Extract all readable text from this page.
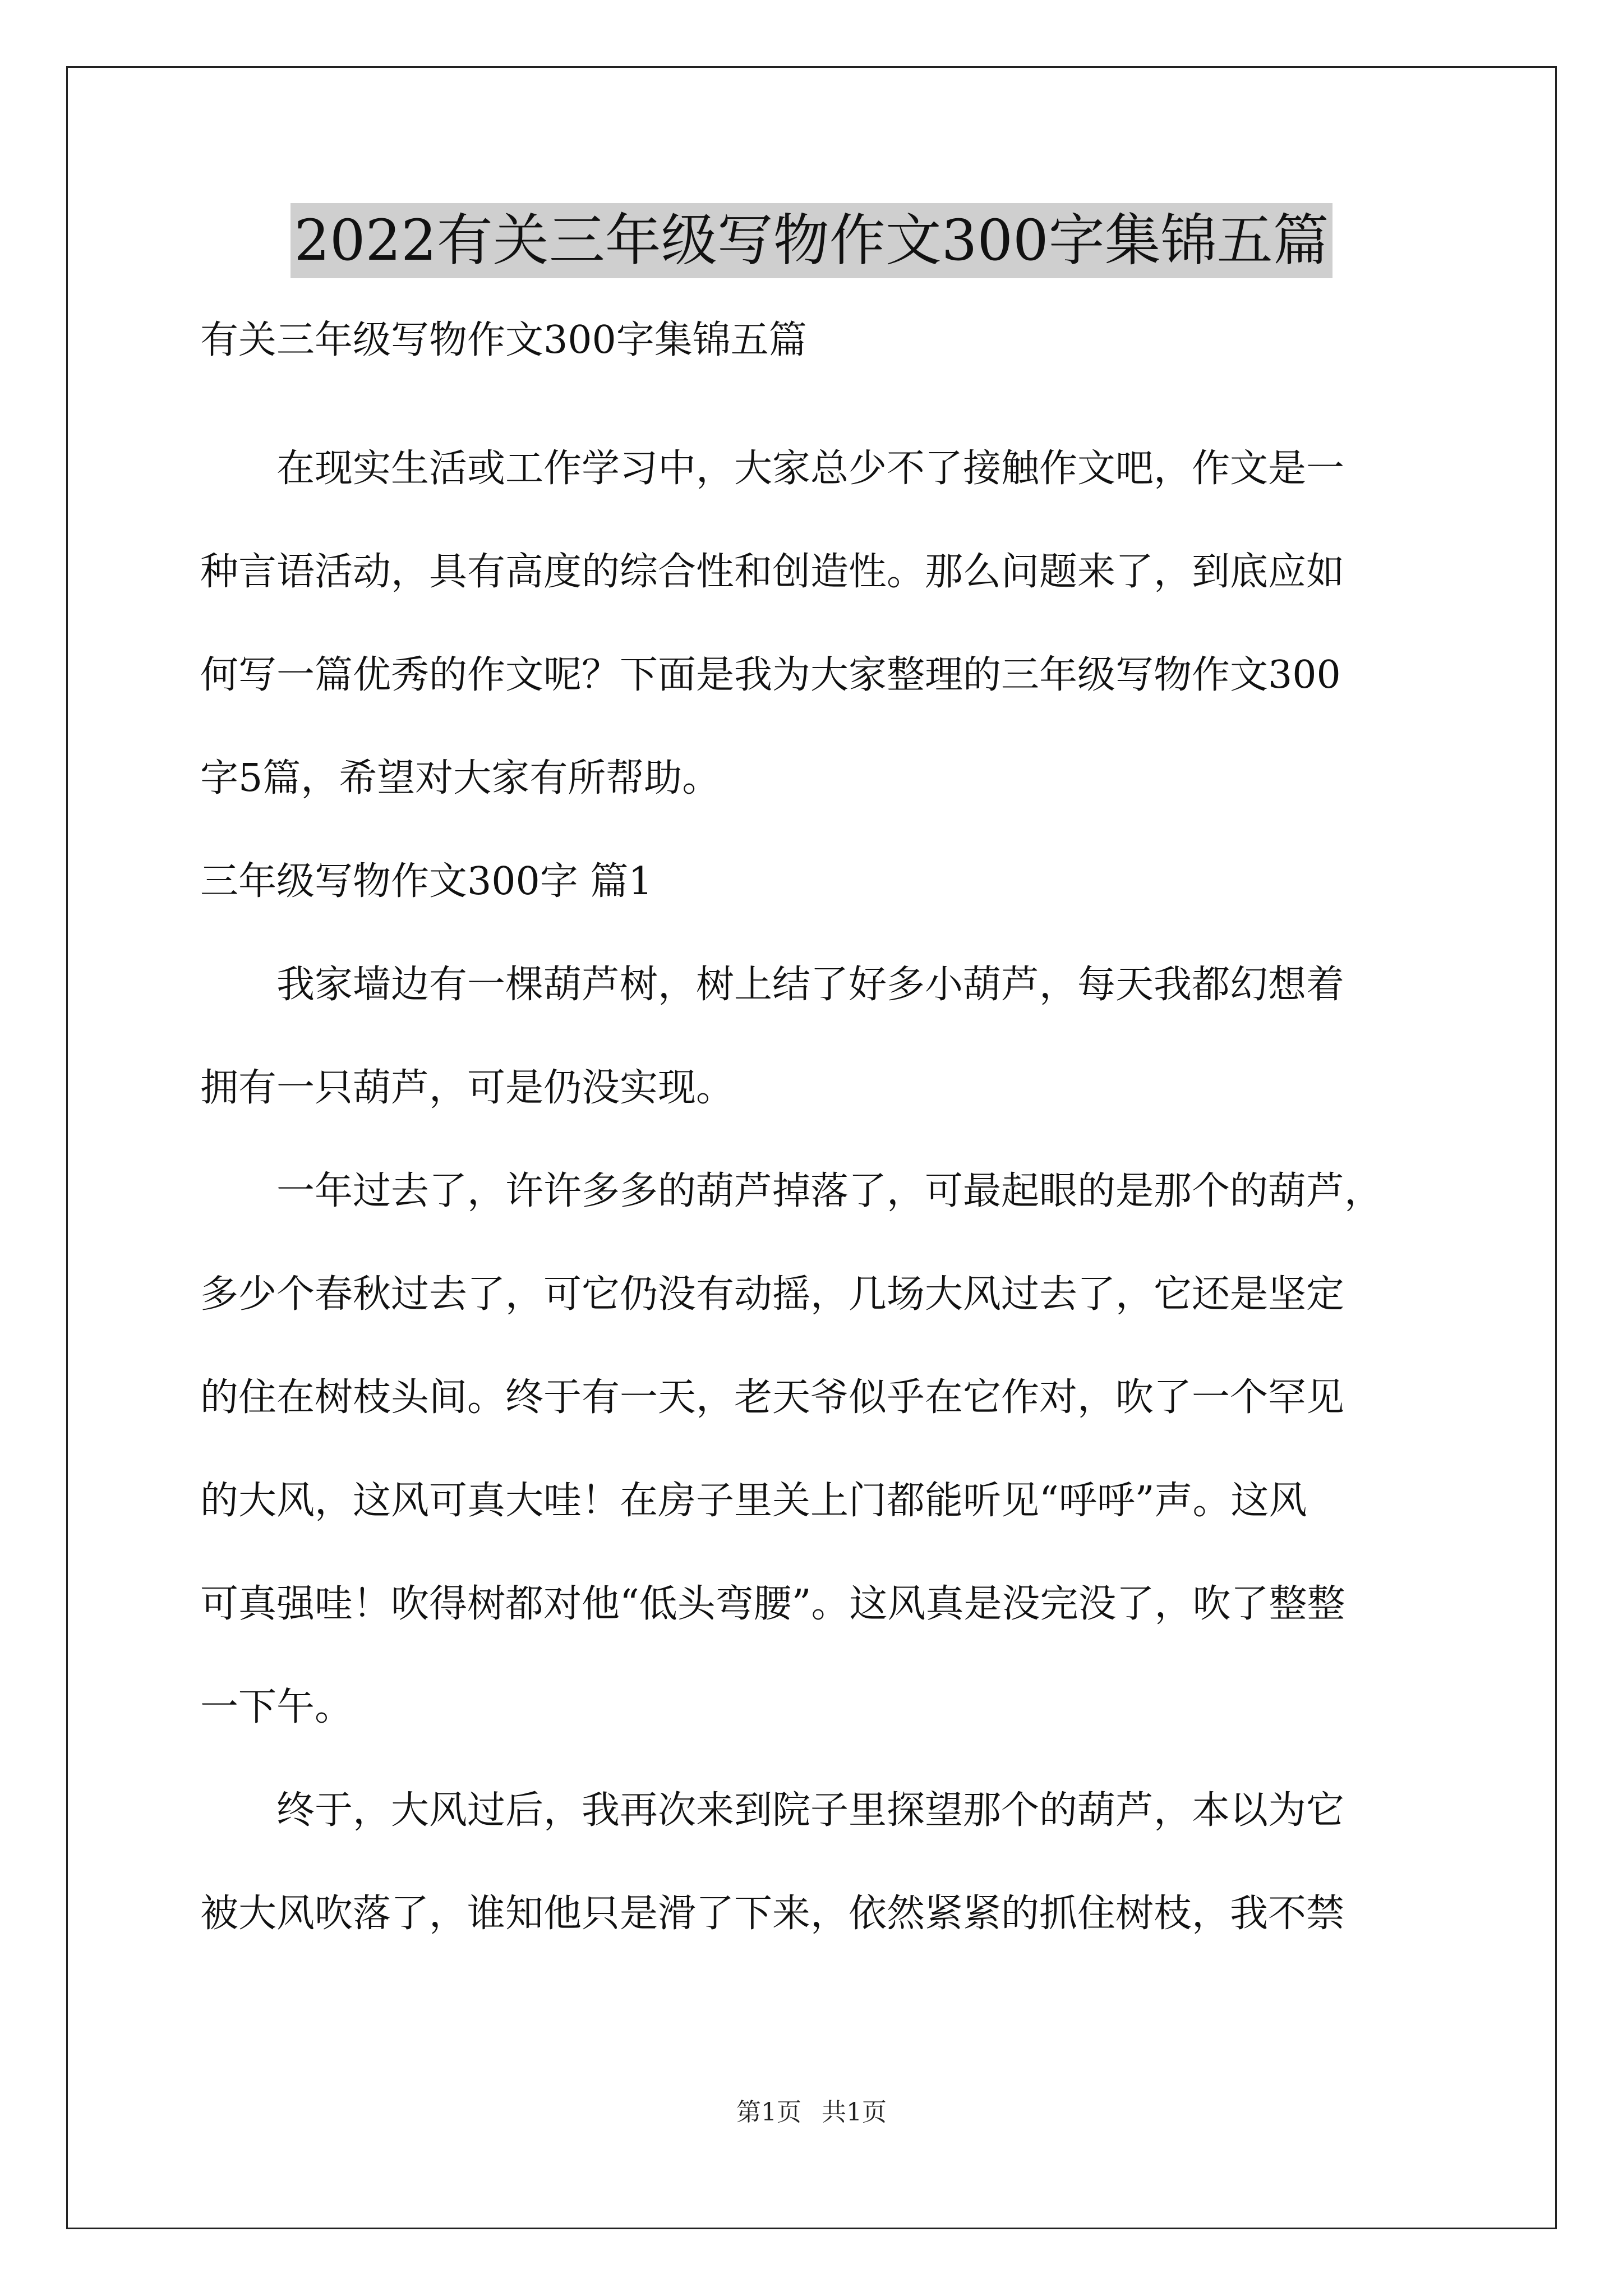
2022有关三年级写物作文300字集锦五篇

有关三年级写物作文300字集锦五篇

在现实生活或工作学习中，大家总少不了接触作文吧，作文是一

种言语活动，具有高度的综合性和创造性。那么问题来了，到底应如

何写一篇优秀的作文呢？下面是我为大家整理的三年级写物作文300

字5篇，希望对大家有所帮助。

三年级写物作文300字 篇1

我家墙边有一棵葫芦树，树上结了好多小葫芦，每天我都幻想着

拥有一只葫芦，可是仍没实现。

一年过去了，许许多多的葫芦掉落了，可最起眼的是那个的葫芦，

多少个春秋过去了，可它仍没有动摇，几场大风过去了，它还是坚定

的住在树枝头间。终于有一天，老天爷似乎在它作对，吹了一个罕见

的大风，这风可真大哇！在房子里关上门都能听见“呼呼”声。这风

可真强哇！吹得树都对他“低头弯腰”。这风真是没完没了，吹了整整

一下午。

终于，大风过后，我再次来到院子里探望那个的葫芦，本以为它

被大风吹落了，谁知他只是滑了下来，依然紧紧的抓住树枝，我不禁

第1页 共1页
